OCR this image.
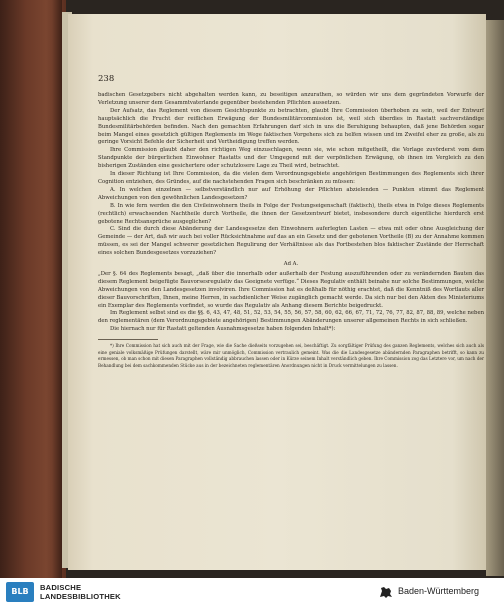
238

badischen Gesetzgebers nicht abgehalten werden kann, zu beseitigen anzurathen, so würden wir uns dem gegründeten Vorwurfe der Verletzung unserer dem Gesammtvaterlande gegenüber bestehenden Pflichten aussetzen.

Der Aufsatz, das Reglement von diesem Gesichtspunkte zu betrachten, glaubt Ihre Commission überhoben zu sein, weil der Entwurf hauptsächlich die Frucht der reiflichen Erwägung der Bundesmilitärcommission ist, weil sich überdies in Rastatt sachverständige Bundesmilitärbehörden befinden. Nach den gemachten Erfahrungen darf sich in uns die Beruhigung behaupten, daß jene Behörden sogar beim Mangel eines gesetzlich gültigen Reglements im Wege faktischen Vorgehens sich zu helfen wissen und im Zweifel eher zu große, als zu geringe Vorsicht Befehle der Sicherheit und Vertheidigung treffen werden.

Ihre Commission glaubt daher den richtigen Weg einzuschlagen, wenn sie, wie schon mitgetheilt, die Vorlage zuvörderst vom dem Standpunkte der bürgerlichen Einwohner Rastatts und der Umgegend mit der verpönlichen Erwägung, ob ihnen im Vergleich zu den bisherigen Zuständen eine gesichertere oder schutzlosere Lage zu Theil wird, betrachtet.

In dieser Richtung ist Ihre Commission, da die vielen dem Verordnungsgebiete angehörigen Bestimmungen des Reglements sich ihrer Cognition entziehen, des Gründes, auf die nachstehenden Fragen sich beschränken zu müssen:

A. In welchen einzelnen — selbstverständlich nur auf Erhöhung der Pflichten abzielenden — Punkten stimmt das Reglement Abweichungen von den gewöhnlichen Landesgesetzen?

B. In wie fern werden die den Civileinwohnern theils in Folge der Festungseigenschaft (faktisch), theils etwa in Folge dieses Reglements (rechtlich) erwachsenden Nachtheile durch Vortheile, die ihnen der Gesetzentwurf bietet, insbesondere durch eigentliche hierdurch erst gebotene Rechtsansprüche ausgeglichen?

C. Sind die durch diese Abänderung der Landesgesetze den Einwohnern auferlegten Lasten — etwa mit oder ohne Ausgleichung der Gemeinde — der Art, daß wir auch bei voller Rücksichtnahme auf das an ein Gesetz und der gebotenen Vortheile (B) zu der Annahme kommen müssen, es sei der Mangel schwerer gesetzlichen Regulirung der Verhältnisse als das Fortbestehen blos faktischer Zustände der Herrschaft eines solchen Bundesgesetzes vorzuziehen?

Ad A.

„Der §. 64 des Reglements besagt, „daß über die innerhalb oder außerhalb der Festung auszuführenden oder zu verändernden Bauten das diesem Reglement beigefügte Bauvorsesregulativ das Geeignete verfüge.“ Dieses Regulativ enthält beinahe nur solche Bestimmungen, welche Abweichungen von den Landesgesetzen involviren. Ihre Commission hat es deßhalb für nöthig erachtet, daß die Kenntniß des Wortlauts aller dieser Bauvorschriften, Ihnen, meine Herren, in sachdienlicher Weise zugänglich gemacht werde. Da sich nur bei den Akten des Ministeriums ein Exemplar des Reglements vorfindet, so wurde das Regulativ als Anhang diesem Berichte beigedruckt.

Im Reglement selbst sind es die §§. 6, 43, 47, 48, 51, 52, 53, 54, 55, 56, 57, 58, 60, 62, 66, 67, 71, 72, 76, 77, 82, 87, 88, 89, welche neben den reglementären (dem Verordnungsgebiete angehörigen) Bestimmungen Abänderungen unserer allgemeinen Rechts in sich schließen.

Die hiernach nur für Rastatt geltenden Ausnahmsgesetze haben folgenden Inhalt*):

*) Ihre Commission hat sich auch mit der Frage, wie die Sache dießseits vorzugehen sei, beschäftigt. Zu sorgfältiger Prüfung des ganzen Reglements, welches sich auch als eine geniale volksmäßige Prüfungen darstellt, wäre mir unmöglich, Commission vertraulich gemeint. Was die die Landesgesetze abändernden Paragraphen betrifft, so kann zu ermessen, ob man schon mit diesen Paragraphen vollständig abbrauchen lassen oder in Kürze seinem Inhalt verständlich geben. Ihre Commission zog das Letztere vor, um nach der Behandlung bei dem sachkommenden Stücke aus in der bezeichneten reglementären Anordnungen nicht in Druck vermittelungen zu lassen.

BLB	BADISCHE
LANDESBIBLIOTHEK
Baden-Württemberg
